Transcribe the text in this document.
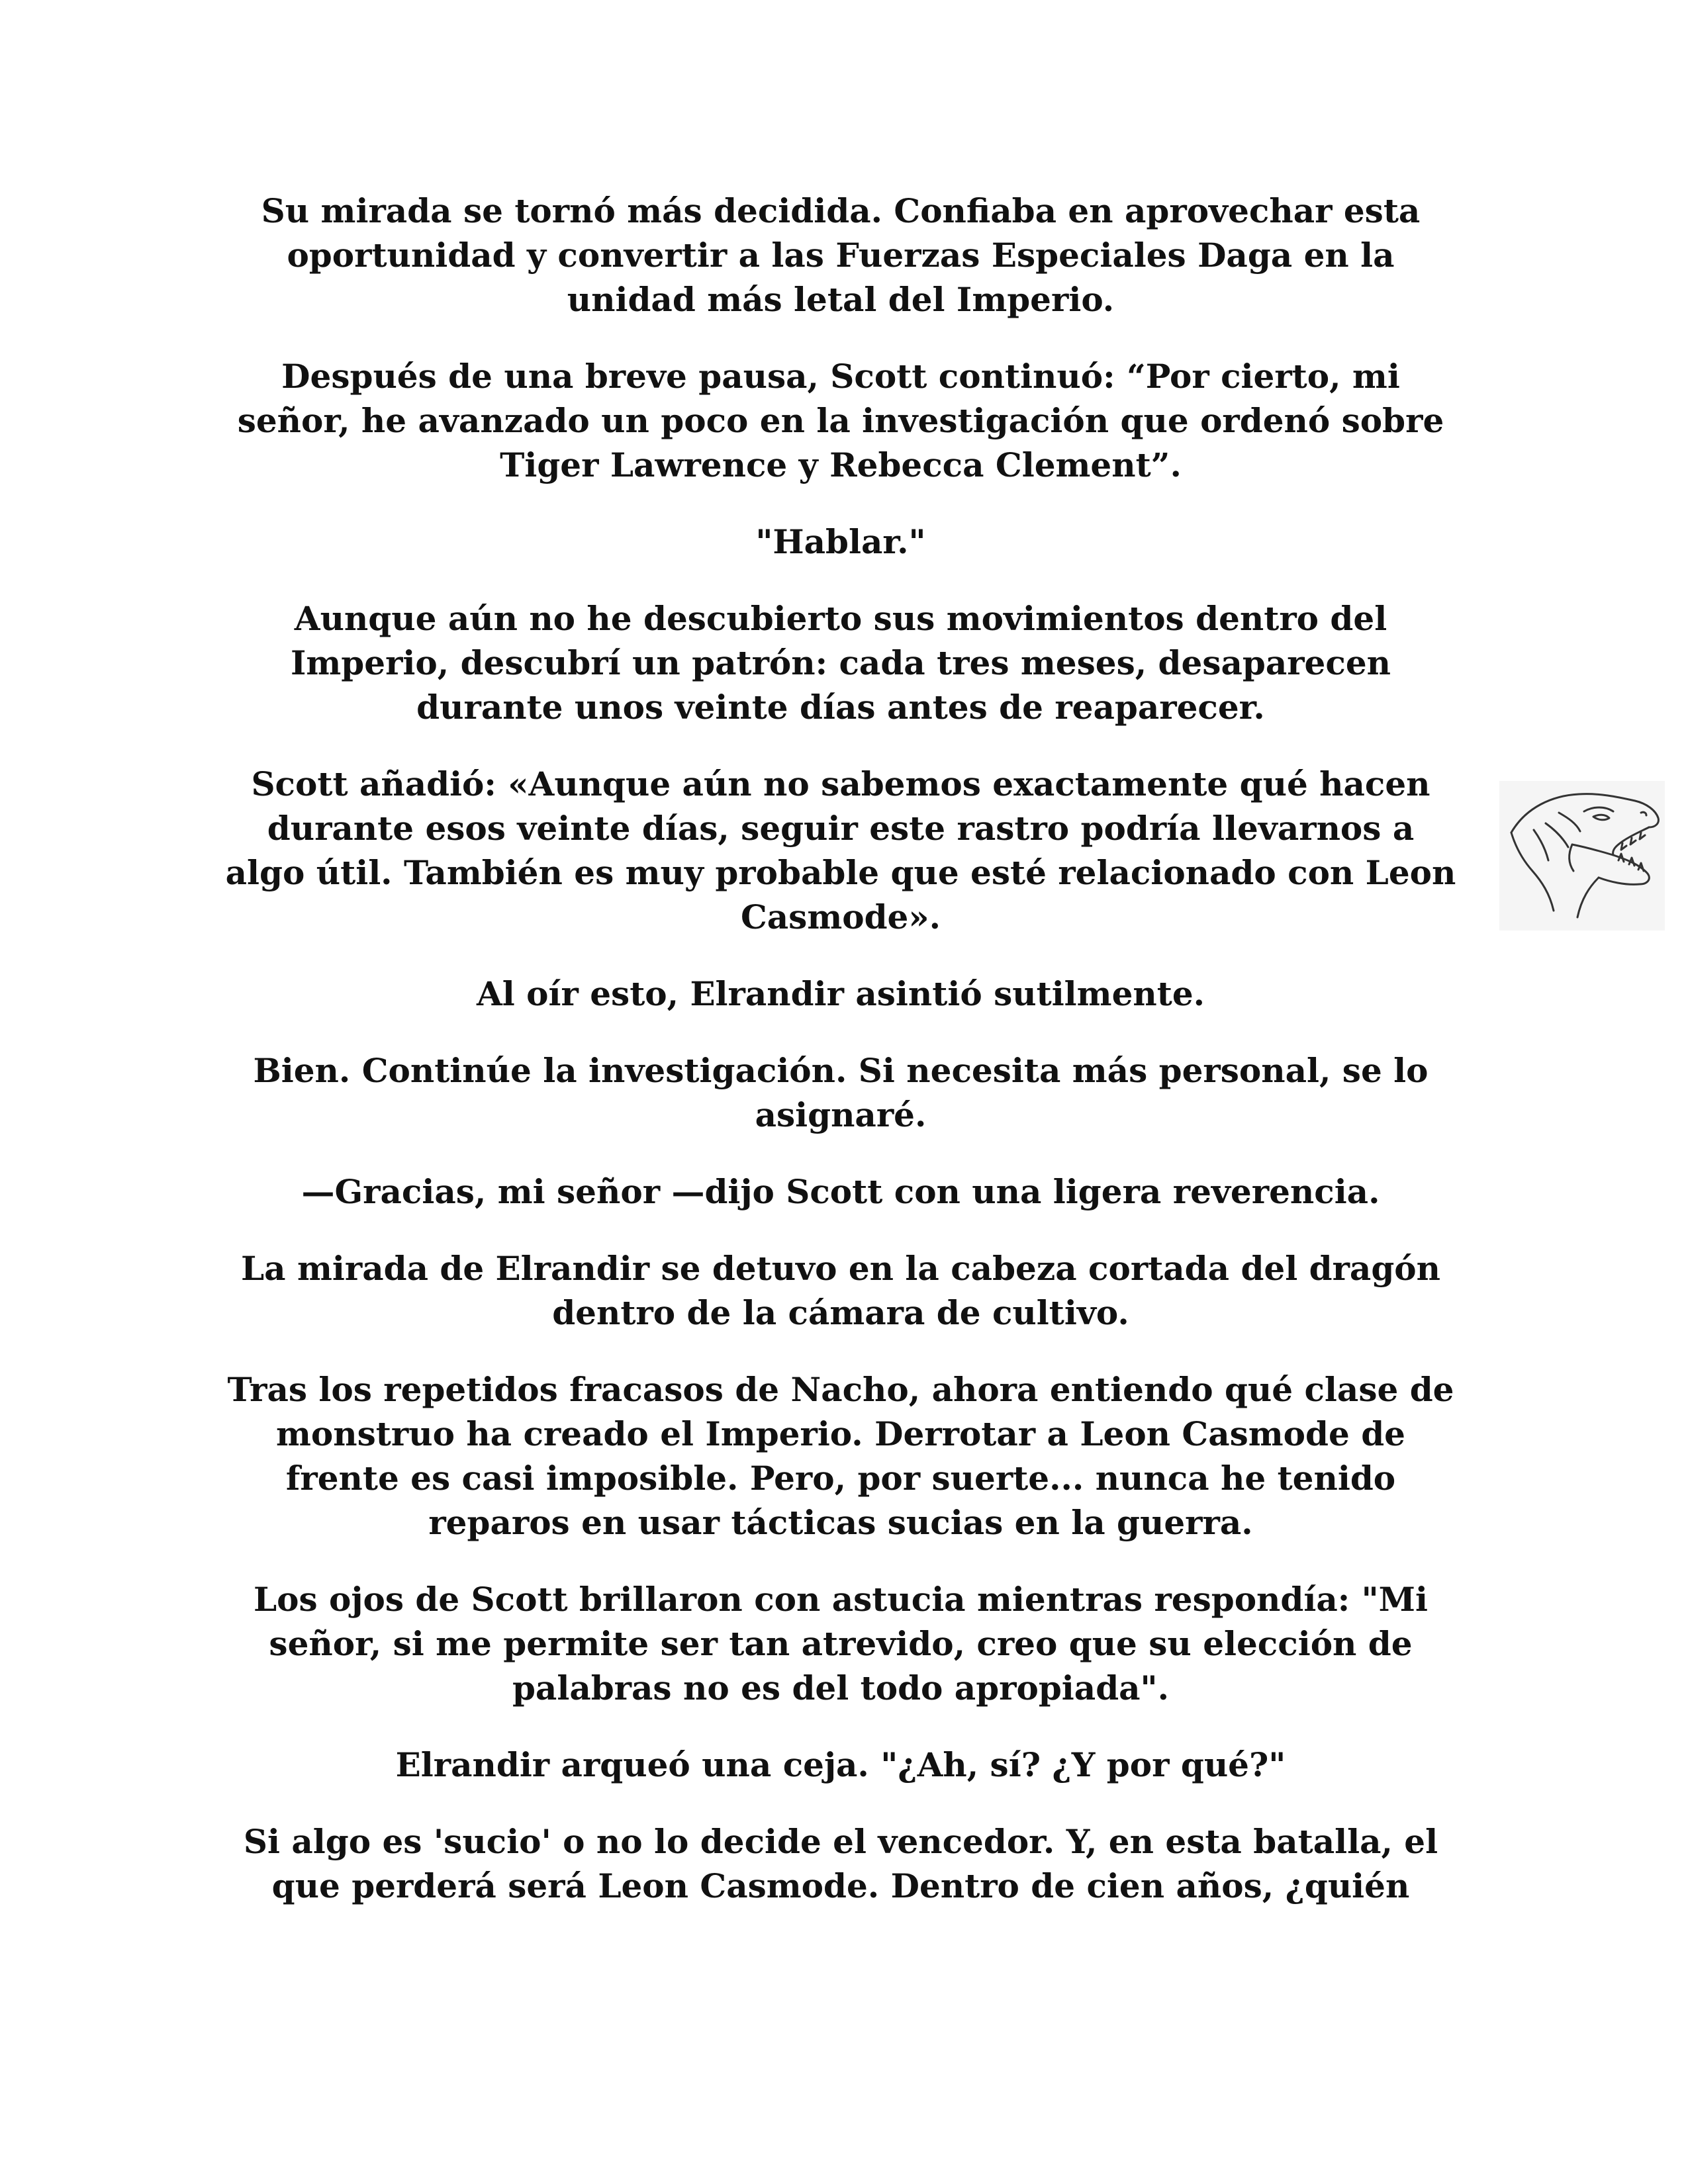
Su mirada se tornó más decidida. Confiaba en aprovechar esta oportunidad y convertir a las Fuerzas Especiales Daga en la unidad más letal del Imperio.

Después de una breve pausa, Scott continuó: “Por cierto, mi señor, he avanzado un poco en la investigación que ordenó sobre Tiger Lawrence y Rebecca Clement”.

"Hablar."

Aunque aún no he descubierto sus movimientos dentro del Imperio, descubrí un patrón: cada tres meses, desaparecen durante unos veinte días antes de reaparecer.

Scott añadió: «Aunque aún no sabemos exactamente qué hacen durante esos veinte días, seguir este rastro podría llevarnos a algo útil. También es muy probable que esté relacionado con Leon Casmode».

Al oír esto, Elrandir asintió sutilmente.

Bien. Continúe la investigación. Si necesita más personal, se lo asignaré.

—Gracias, mi señor —dijo Scott con una ligera reverencia.

La mirada de Elrandir se detuvo en la cabeza cortada del dragón dentro de la cámara de cultivo.

Tras los repetidos fracasos de Nacho, ahora entiendo qué clase de monstruo ha creado el Imperio. Derrotar a Leon Casmode de frente es casi imposible. Pero, por suerte... nunca he tenido reparos en usar tácticas sucias en la guerra.

Los ojos de Scott brillaron con astucia mientras respondía: "Mi señor, si me permite ser tan atrevido, creo que su elección de palabras no es del todo apropiada".

Elrandir arqueó una ceja. "¿Ah, sí? ¿Y por qué?"

Si algo es 'sucio' o no lo decide el vencedor. Y, en esta batalla, el que perderá será Leon Casmode. Dentro de cien años, ¿quién
